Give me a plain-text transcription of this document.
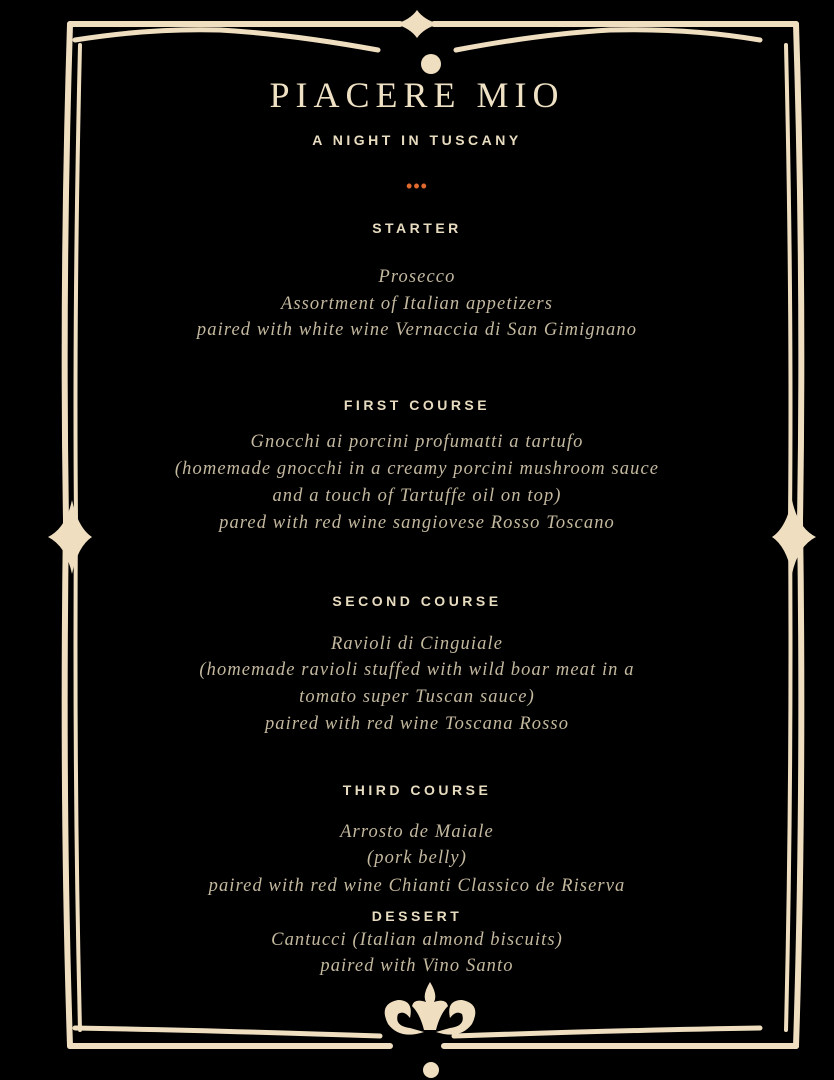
PIACERE MIO
A NIGHT IN TUSCANY
•••
STARTER
Prosecco
Assortment of Italian appetizers
paired with white wine Vernaccia di San Gimignano
FIRST COURSE
Gnocchi ai porcini profumatti a tartufo
(homemade gnocchi in a creamy porcini mushroom sauce
and a touch of Tartuffe oil on top)
pared with red wine sangiovese Rosso Toscano
SECOND COURSE
Ravioli di Cinguiale
(homemade ravioli stuffed with wild boar meat in a
tomato super Tuscan sauce)
paired with red wine Toscana Rosso
THIRD COURSE
Arrosto de Maiale
(pork belly)
paired with red wine Chianti Classico de Riserva
DESSERT
Cantucci (Italian almond biscuits)
paired with Vino Santo
